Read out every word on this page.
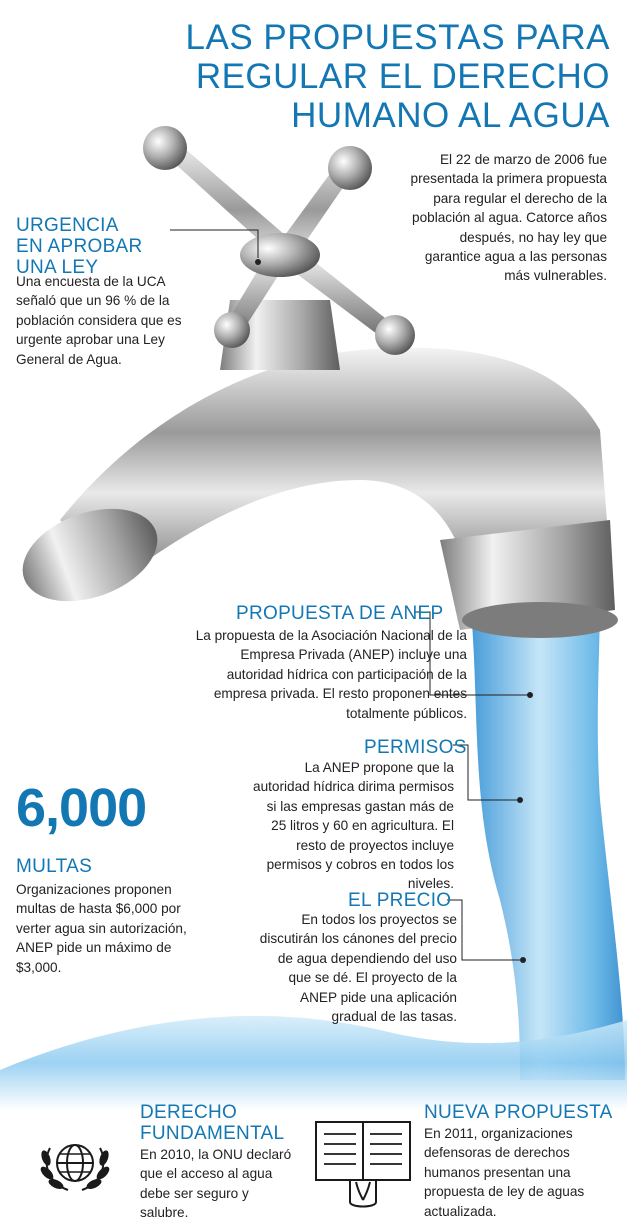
LAS PROPUESTAS PARA
REGULAR EL DERECHO
HUMANO AL AGUA
El 22 de marzo de 2006 fue presentada la primera propuesta para regular el derecho de la población al agua. Catorce años después, no hay ley que garantice agua a las personas más vulnerables.
URGENCIA
EN APROBAR
UNA LEY
Una encuesta de la UCA señaló que un 96 % de la población considera que es urgente aprobar una Ley General de Agua.
PROPUESTA DE ANEP
La propuesta de la Asociación Nacional de la Empresa Privada (ANEP) incluye una autoridad hídrica con participación de la empresa privada. El resto proponen entes totalmente públicos.
PERMISOS
La ANEP propone que la autoridad hídrica dirima permisos si las empresas gastan más de 25 litros y 60 en agricultura. El resto de proyectos incluye permisos y cobros en todos los niveles.
EL PRECIO
En todos los proyectos se discutirán los cánones del precio de agua dependiendo del uso que se dé. El proyecto de la ANEP pide una aplicación gradual de las tasas.
6,000
MULTAS
Organizaciones proponen multas de hasta $6,000 por verter agua sin autorización, ANEP pide un máximo de $3,000.
DERECHO
FUNDAMENTAL
En 2010, la ONU declaró que el acceso al agua debe ser seguro y salubre.
NUEVA PROPUESTA
En 2011, organizaciones defensoras de derechos humanos presentan una propuesta de ley de aguas actualizada.
